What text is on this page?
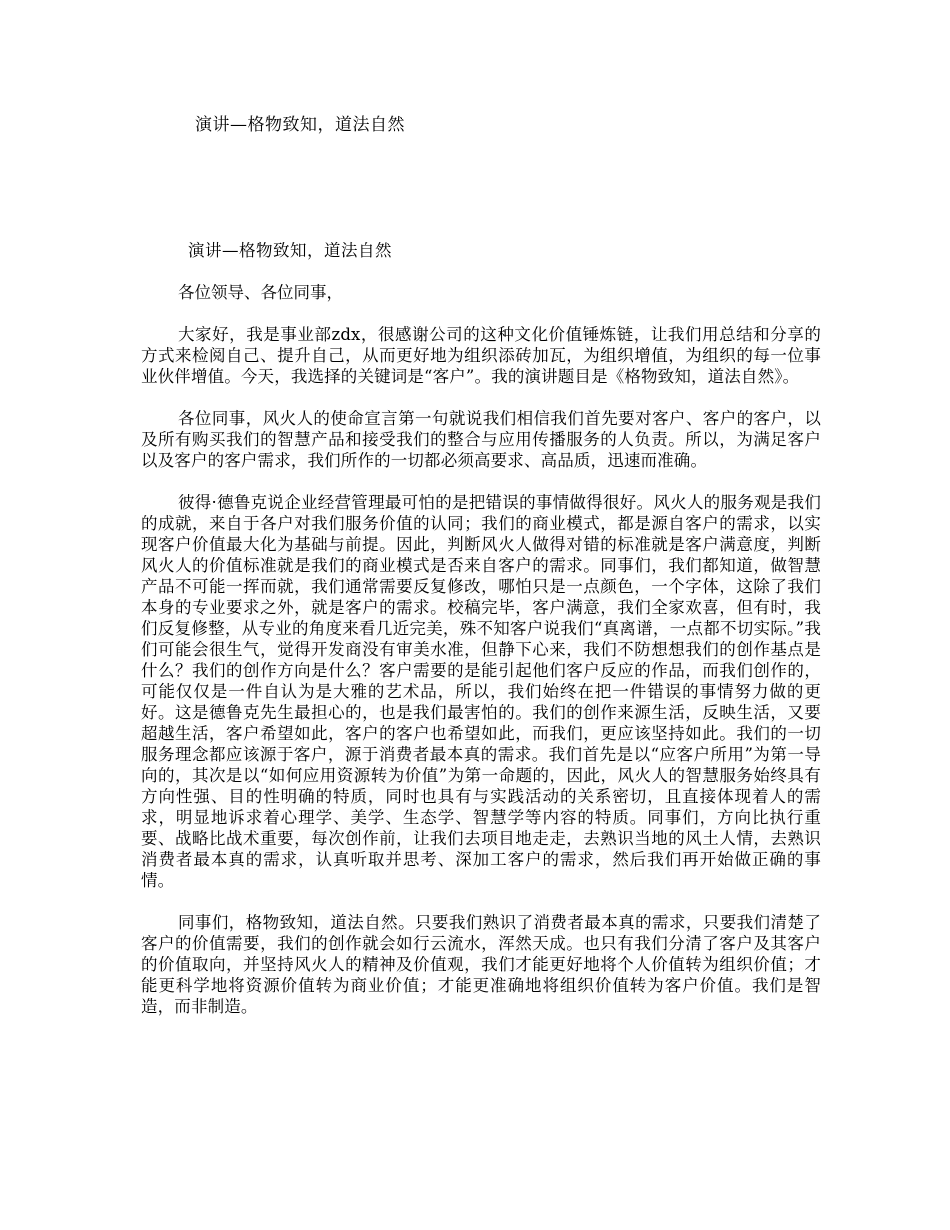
演讲—格物致知，道法自然

演讲—格物致知，道法自然

各位领导、各位同事，

大家好，我是事业部zdx，很感谢公司的这种文化价值锤炼链，让我们用总结和分享的方式来检阅自己、提升自己，从而更好地为组织添砖加瓦，为组织增值，为组织的每一位事业伙伴增值。今天，我选择的关键词是“客户”。我的演讲题目是《格物致知，道法自然》。

各位同事，风火人的使命宣言第一句就说我们相信我们首先要对客户、客户的客户，以及所有购买我们的智慧产品和接受我们的整合与应用传播服务的人负责。所以，为满足客户以及客户的客户需求，我们所作的一切都必须高要求、高品质，迅速而准确。

彼得·德鲁克说企业经营管理最可怕的是把错误的事情做得很好。风火人的服务观是我们的成就，来自于各户对我们服务价值的认同；我们的商业模式，都是源自客户的需求，以实现客户价值最大化为基础与前提。因此，判断风火人做得对错的标准就是客户满意度，判断风火人的价值标准就是我们的商业模式是否来自客户的需求。同事们，我们都知道，做智慧产品不可能一挥而就，我们通常需要反复修改，哪怕只是一点颜色，一个字体，这除了我们本身的专业要求之外，就是客户的需求。校稿完毕，客户满意，我们全家欢喜，但有时，我们反复修整，从专业的角度来看几近完美，殊不知客户说我们“真离谱，一点都不切实际。”我们可能会很生气，觉得开发商没有审美水准，但静下心来，我们不防想想我们的创作基点是什么？我们的创作方向是什么？客户需要的是能引起他们客户反应的作品，而我们创作的，可能仅仅是一件自认为是大雅的艺术品，所以，我们始终在把一件错误的事情努力做的更好。这是德鲁克先生最担心的，也是我们最害怕的。我们的创作来源生活，反映生活，又要超越生活，客户希望如此，客户的客户也希望如此，而我们，更应该坚持如此。我们的一切服务理念都应该源于客户，源于消费者最本真的需求。我们首先是以“应客户所用”为第一导向的，其次是以“如何应用资源转为价值”为第一命题的，因此，风火人的智慧服务始终具有方向性强、目的性明确的特质，同时也具有与实践活动的关系密切，且直接体现着人的需求，明显地诉求着心理学、美学、生态学、智慧学等内容的特质。同事们，方向比执行重要、战略比战术重要，每次创作前，让我们去项目地走走，去熟识当地的风土人情，去熟识消费者最本真的需求，认真听取并思考、深加工客户的需求，然后我们再开始做正确的事情。

同事们，格物致知，道法自然。只要我们熟识了消费者最本真的需求，只要我们清楚了客户的价值需要，我们的创作就会如行云流水，浑然天成。也只有我们分清了客户及其客户的价值取向，并坚持风火人的精神及价值观，我们才能更好地将个人价值转为组织价值；才能更科学地将资源价值转为商业价值；才能更准确地将组织价值转为客户价值。我们是智造，而非制造。
